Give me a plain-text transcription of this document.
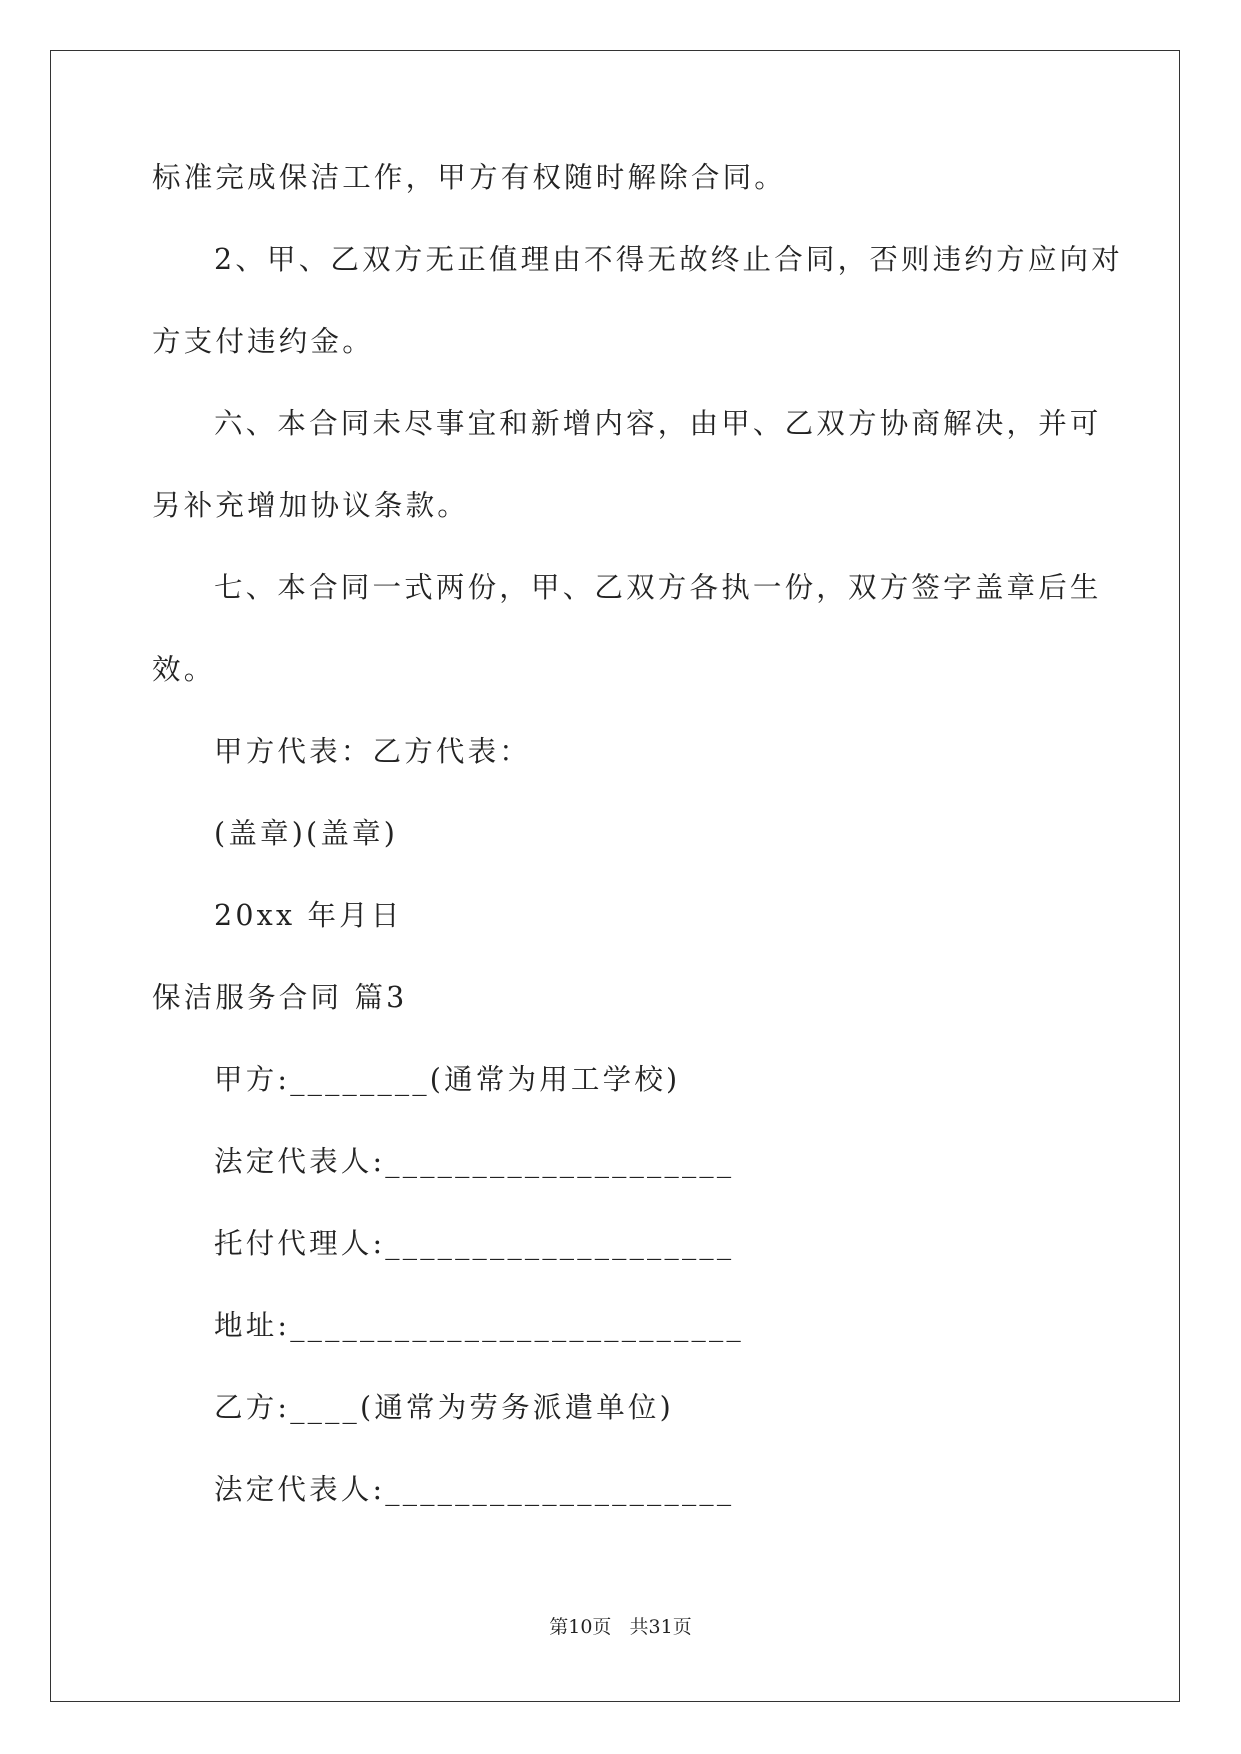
标准完成保洁工作，甲方有权随时解除合同。
2、甲、乙双方无正值理由不得无故终止合同，否则违约方应向对
方支付违约金。
六、本合同未尽事宜和新增内容，由甲、乙双方协商解决，并可
另补充增加协议条款。
七、本合同一式两份，甲、乙双方各执一份，双方签字盖章后生
效。
甲方代表：乙方代表：
(盖章)(盖章)
20xx 年月日
保洁服务合同 篇3
甲方:________(通常为用工学校)
法定代表人:____________________
托付代理人:____________________
地址:__________________________
乙方:____(通常为劳务派遣单位)
法定代表人:____________________
第10页   共31页
